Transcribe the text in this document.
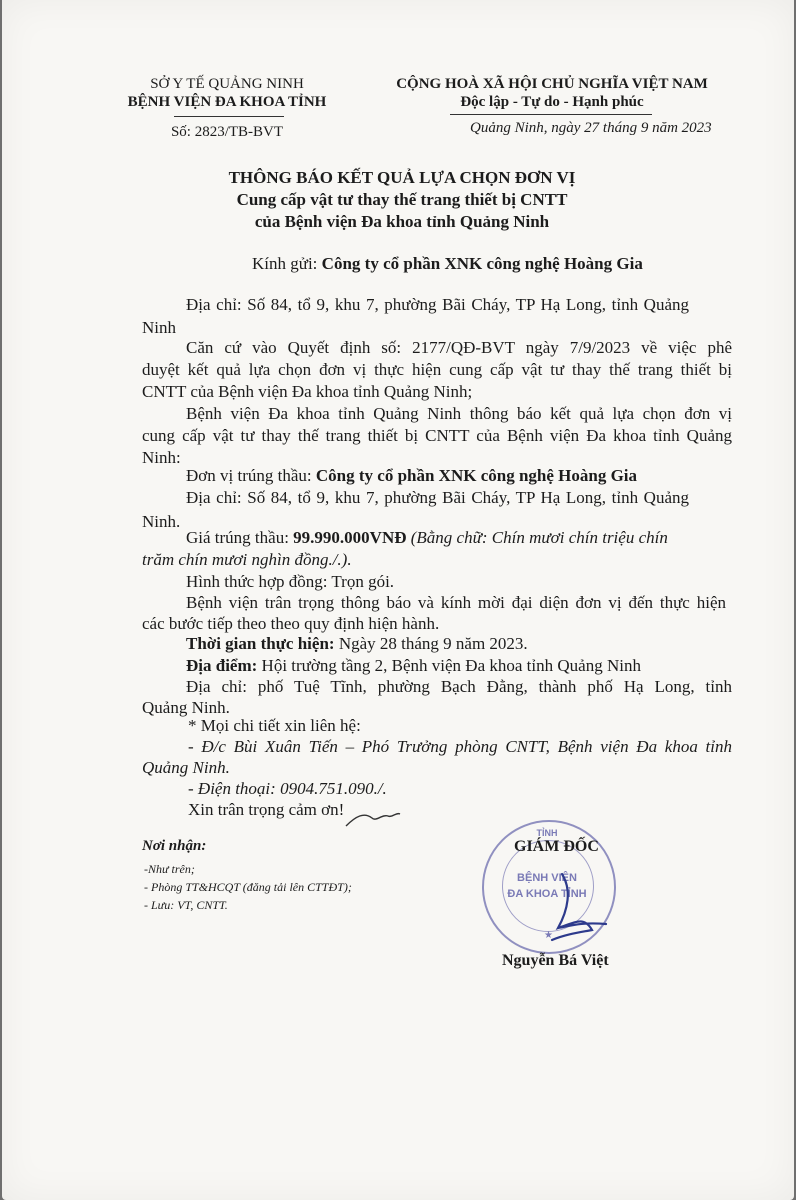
SỞ Y TẾ QUẢNG NINH
BỆNH VIỆN ĐA KHOA TỈNH
Số: 2823/TB-BVT
CỘNG HOÀ XÃ HỘI CHỦ NGHĨA VIỆT NAM
Độc lập - Tự do - Hạnh phúc
Quảng Ninh, ngày 27 tháng 9 năm 2023
THÔNG BÁO KẾT QUẢ LỰA CHỌN ĐƠN VỊ
Cung cấp vật tư thay thế trang thiết bị CNTT
của Bệnh viện Đa khoa tỉnh Quảng Ninh
Kính gửi: Công ty cổ phần XNK công nghệ Hoàng Gia
Địa chỉ: Số 84, tổ 9, khu 7, phường Bãi Cháy, TP Hạ Long, tỉnh Quảng
Ninh
Căn cứ vào Quyết định số: 2177/QĐ-BVT ngày 7/9/2023 về việc phê
duyệt kết quả lựa chọn đơn vị thực hiện cung cấp vật tư thay thế trang thiết bị
CNTT của Bệnh viện Đa khoa tỉnh Quảng Ninh;
Bệnh viện Đa khoa tỉnh Quảng Ninh thông báo kết quả lựa chọn đơn vị
cung cấp vật tư thay thế trang thiết bị CNTT của Bệnh viện Đa khoa tỉnh Quảng
Ninh:
Đơn vị trúng thầu: Công ty cổ phần XNK công nghệ Hoàng Gia
Địa chỉ: Số 84, tổ 9, khu 7, phường Bãi Cháy, TP Hạ Long, tỉnh Quảng
Ninh.
Giá trúng thầu: 99.990.000VNĐ (Bằng chữ: Chín mươi chín triệu chín
trăm chín mươi nghìn đồng./.).
Hình thức hợp đồng: Trọn gói.
Bệnh viện trân trọng thông báo và kính mời đại diện đơn vị đến thực hiện
các bước tiếp theo theo quy định hiện hành.
Thời gian thực hiện: Ngày 28 tháng 9 năm 2023.
Địa điểm: Hội trường tầng 2, Bệnh viện Đa khoa tỉnh Quảng Ninh
Địa chỉ: phố Tuệ Tĩnh, phường Bạch Đằng, thành phố Hạ Long, tỉnh
Quảng Ninh.
* Mọi chi tiết xin liên hệ:
- Đ/c Bùi Xuân Tiến – Phó Trưởng phòng CNTT, Bệnh viện Đa khoa tỉnh
Quảng Ninh.
- Điện thoại: 0904.751.090./.
Xin trân trọng cảm ơn!
Nơi nhận:
-Như trên;
- Phòng TT&HCQT (đăng tải lên CTTĐT);
- Lưu: VT, CNTT.
TỈNH
BỆNH VIỆN
ĐA KHOA TỈNH
★
GIÁM ĐỐC
Nguyễn Bá Việt
